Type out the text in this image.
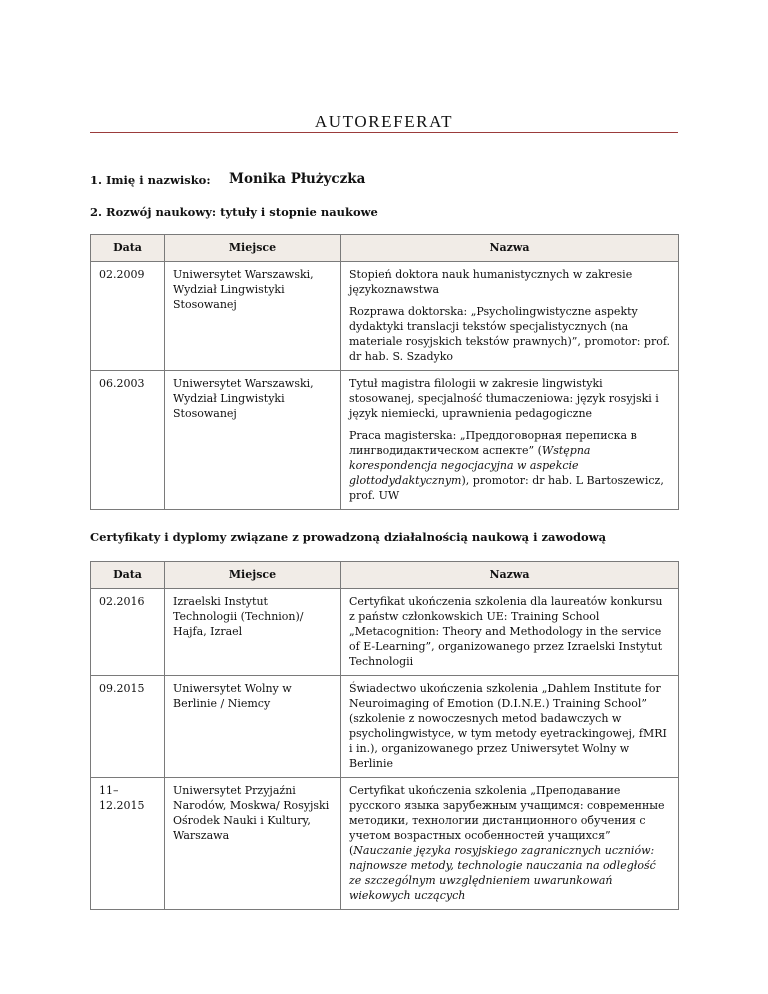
AUTOREFERAT
1. Imię i nazwisko: Monika Płużyczka
2. Rozwój naukowy: tytuły i stopnie naukowe
Data	Miejsce	Nazwa
02.2009	Uniwersytet Warszawski, Wydział Lingwistyki Stosowanej	Stopień doktora nauk humanistycznych w zakresie językoznawstwa

Rozprawa doktorska: „Psycholingwistyczne aspekty dydaktyki translacji tekstów specjalistycznych (na materiale rosyjskich tekstów prawnych)”, promotor: prof. dr hab. S. Szadyko

06.2003	Uniwersytet Warszawski, Wydział Lingwistyki Stosowanej	Tytuł magistra filologii w zakresie lingwistyki stosowanej, specjalność tłumaczeniowa: język rosyjski i język niemiecki, uprawnienia pedagogiczne

Praca magisterska: „Преддоговорная переписка в лингводидактическом аспекте” (Wstępna korespondencja negocjacyjna w aspekcie glottodydaktycznym), promotor: dr hab. L Bartoszewicz, prof. UW

Certyfikaty i dyplomy związane z prowadzoną działalnością naukową i zawodową
Data	Miejsce	Nazwa
02.2016	Izraelski Instytut Technologii (Technion)/ Hajfa, Izrael	Certyfikat ukończenia szkolenia dla laureatów konkursu z państw członkowskich UE: Training School „Metacognition: Theory and Methodology in the service of E-Learning”, organizowanego przez Izraelski Instytut Technologii
09.2015	Uniwersytet Wolny w Berlinie / Niemcy	Świadectwo ukończenia szkolenia „Dahlem Institute for Neuroimaging of Emotion (D.I.N.E.) Training School” (szkolenie z nowoczesnych metod badawczych w psycholingwistyce, w tym metody eyetrackingowej, fMRI i in.), organizowanego przez Uniwersytet Wolny w Berlinie
11–12.2015	Uniwersytet Przyjaźni Narodów, Moskwa/ Rosyjski Ośrodek Nauki i Kultury, Warszawa	Certyfikat ukończenia szkolenia „Преподавание русского языка зарубежным учащимся: современные методики, технологии дистанционного обучения с учетом возрастных особенностей учащихся” (Nauczanie języka rosyjskiego zagranicznych uczniów: najnowsze metody, technologie nauczania na odległość ze szczególnym uwzględnieniem uwarunkowań wiekowych uczących
